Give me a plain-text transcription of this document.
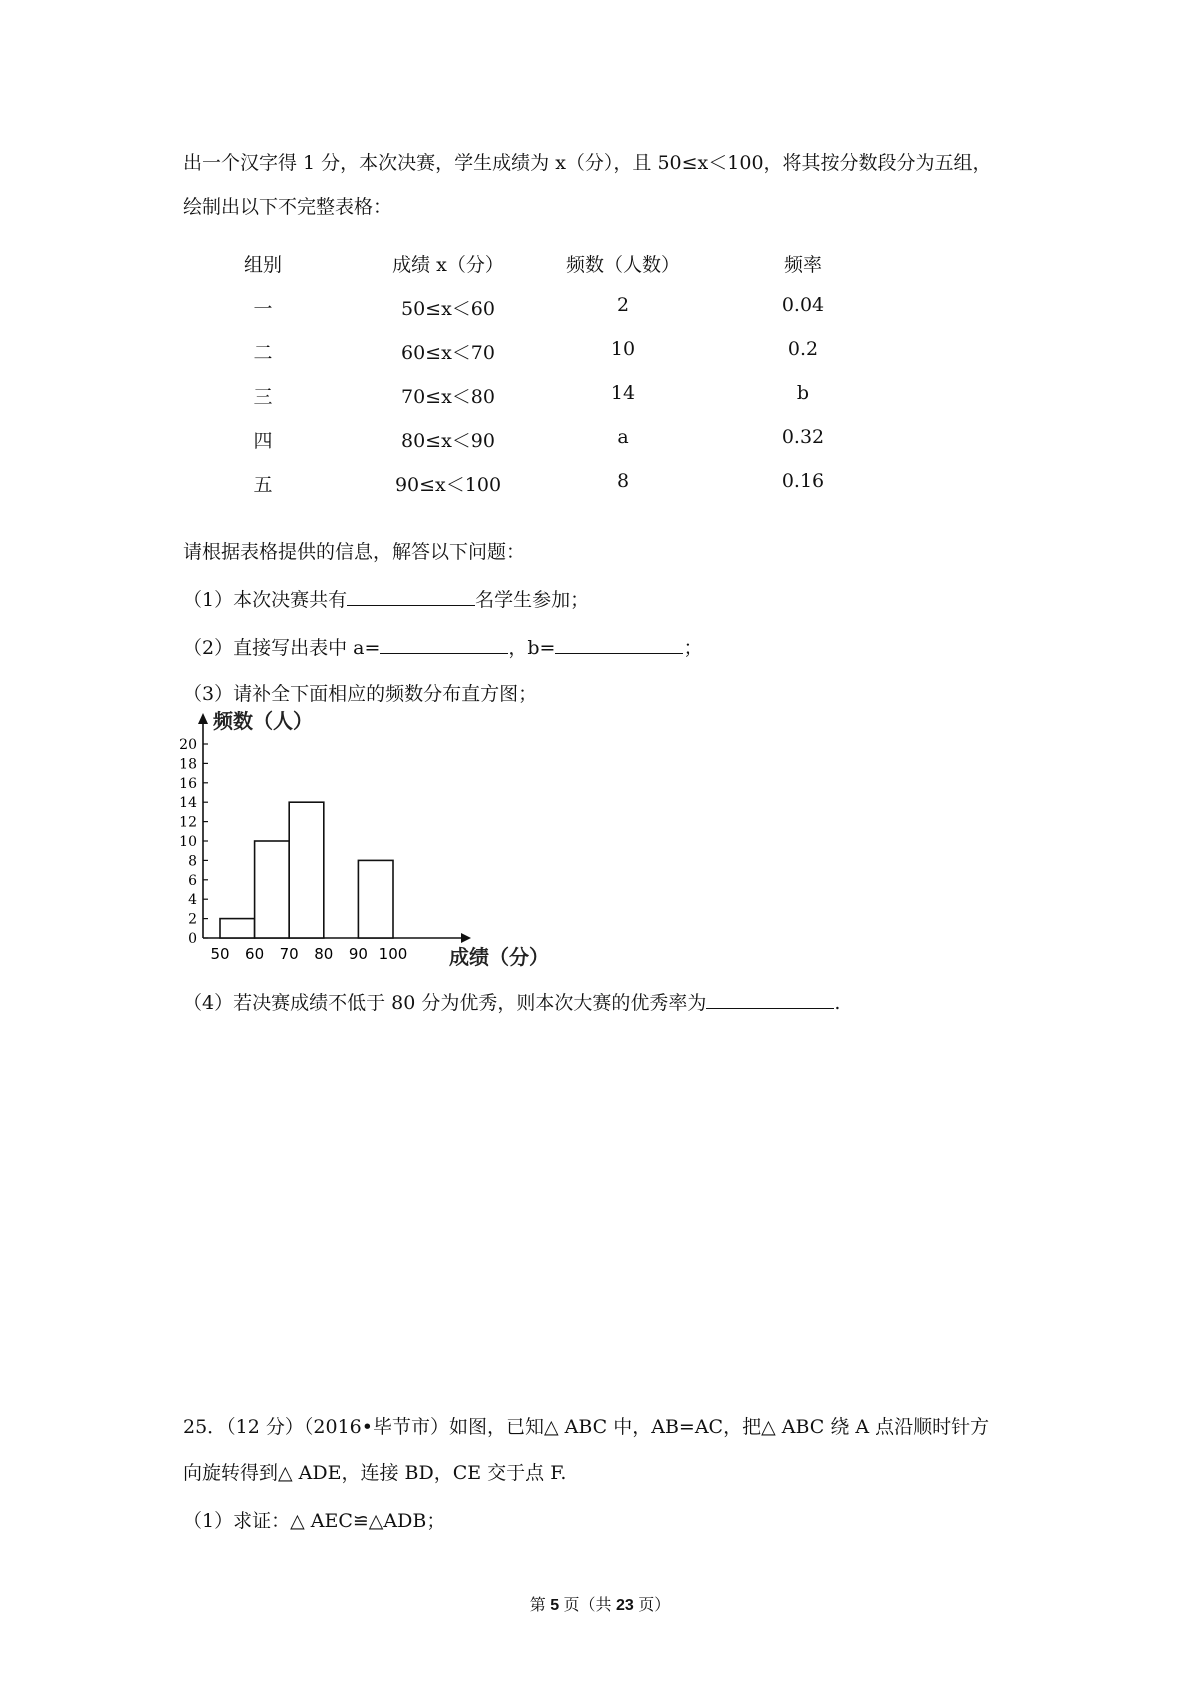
出一个汉字得 1 分，本次决赛，学生成绩为 x（分），且 50≤x＜100，将其按分数段分为五组，
绘制出以下不完整表格：
组别	成绩 x（分）	频数（人数）	频率
一	50≤x＜60	2	0.04
二	60≤x＜70	10	0.2
三	70≤x＜80	14	b
四	80≤x＜90	a	0.32
五	90≤x＜100	8	0.16
请根据表格提供的信息，解答以下问题：
（1）本次决赛共有	名学生参加；
（2）直接写出表中 a=	，b=	；
（3）请补全下面相应的频数分布直方图；
频数（人）
成绩（分）
0
2
4
6
8
10
12
14
16
18
20
50 60 70 80 90 100
（4）若决赛成绩不低于 80 分为优秀，则本次大赛的优秀率为	.
25．（12 分）（2016•毕节市）如图，已知△ ABC 中，AB=AC，把△ ABC 绕 A 点沿顺时针方
向旋转得到△ ADE，连接 BD，CE 交于点 F.
（1）求证：△ AEC≌△ADB；
第 5 页（共 23 页）
